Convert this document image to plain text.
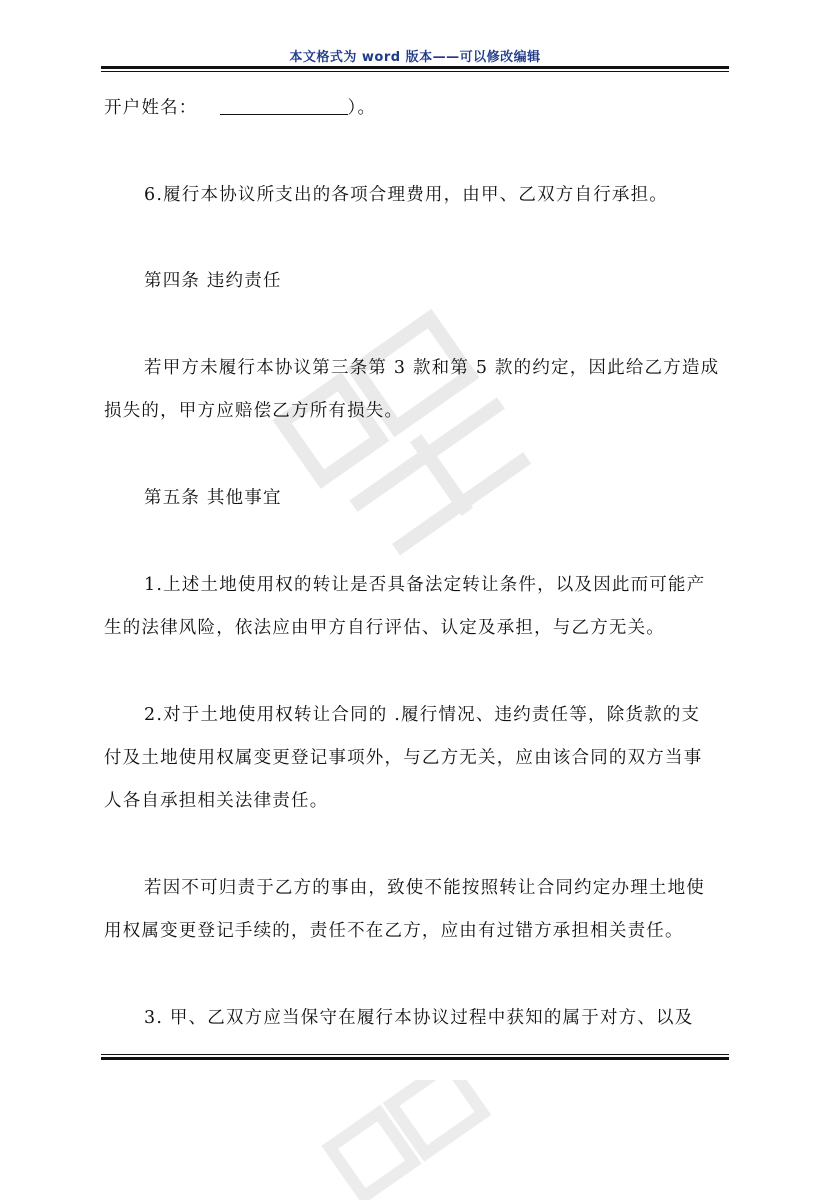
本文格式为 word 版本——可以修改编辑

开户姓名：	）。

6.履行本协议所支出的各项合理费用，由甲、乙双方自行承担。

第四条 违约责任

若甲方未履行本协议第三条第 3 款和第 5 款的约定，因此给乙方造成

损失的，甲方应赔偿乙方所有损失。

第五条 其他事宜

1.上述土地使用权的转让是否具备法定转让条件，以及因此而可能产

生的法律风险，依法应由甲方自行评估、认定及承担，与乙方无关。

2.对于土地使用权转让合同的 .履行情况、违约责任等，除货款的支

付及土地使用权属变更登记事项外，与乙方无关，应由该合同的双方当事

人各自承担相关法律责任。

若因不可归责于乙方的事由，致使不能按照转让合同约定办理土地使

用权属变更登记手续的，责任不在乙方，应由有过错方承担相关责任。

3. 甲、乙双方应当保守在履行本协议过程中获知的属于对方、以及
